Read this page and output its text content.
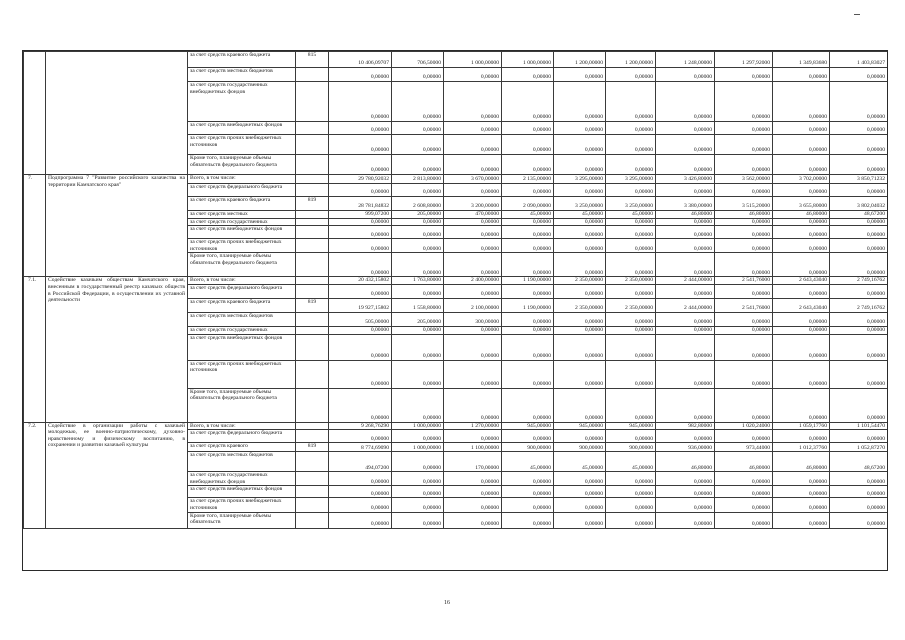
		за счет средств краевого бюджета	815	10 406,09707	706,50000	1 000,00000	1 000,00000	1 200,00000	1 200,00000	1 248,00000	1 297,92000	1 349,83680	1 403,83027
		за счет средств местных бюджетов		0,00000	0,00000	0,00000	0,00000	0,00000	0,00000	0,00000	0,00000	0,00000	0,00000
		за счет средств государственных внебюджетных фондов		0,00000	0,00000	0,00000	0,00000	0,00000	0,00000	0,00000	0,00000	0,00000	0,00000
		за счет средств внебюджетных фондов		0,00000	0,00000	0,00000	0,00000	0,00000	0,00000	0,00000	0,00000	0,00000	0,00000
		за счет средств прочих внебюджетных источников		0,00000	0,00000	0,00000	0,00000	0,00000	0,00000	0,00000	0,00000	0,00000	0,00000
		Кроме того, планируемые объемы обязательств федерального бюджета		0,00000	0,00000	0,00000	0,00000	0,00000	0,00000	0,00000	0,00000	0,00000	0,00000
7.	Подпрограмма 7 "Развитие российского казачества на территории Камчатского края"	Всего, в том числе:		29 780,92032	2 813,80000	3 670,00000	2 135,00000	3 295,00000	3 295,00000	3 426,80000	3 562,00000	3 702,00000	3 850,71232
		за счет средств федерального бюджета		0,00000	0,00000	0,00000	0,00000	0,00000	0,00000	0,00000	0,00000	0,00000	0,00000
		за счет средств краевого бюджета	819	28 781,84832	2 608,80000	3 200,00000	2 090,00000	3 250,00000	3 250,00000	3 380,00000	3 515,20000	3 655,80000	3 802,04032
		за счет средств местных		999,07200	205,00000	470,00000	45,00000	45,00000	45,00000	46,80000	46,80000	46,80000	48,67200
		за счет средств государственных		0,00000	0,00000	0,00000	0,00000	0,00000	0,00000	0,00000	0,00000	0,00000	0,00000
		за счет средств внебюджетных фондов		0,00000	0,00000	0,00000	0,00000	0,00000	0,00000	0,00000	0,00000	0,00000	0,00000
		за счет средств прочих внебюджетных источников		0,00000	0,00000	0,00000	0,00000	0,00000	0,00000	0,00000	0,00000	0,00000	0,00000
		Кроме того, планируемые объемы обязательств федерального бюджета		0,00000	0,00000	0,00000	0,00000	0,00000	0,00000	0,00000	0,00000	0,00000	0,00000
7.1.	Содействие казачьим обществам Камчатского края, внесенным в государственный реестр казачьих обществ в Российской Федерации, в осуществлении их уставной деятельности	Всего, в том числе:		20 432,15802	1 763,80000	2 400,00000	1 190,00000	2 350,00000	2 350,00000	2 444,00000	2 541,76000	2 643,43040	2 749,16762
		за счет средств федерального бюджета		0,00000	0,00000	0,00000	0,00000	0,00000	0,00000	0,00000	0,00000	0,00000	0,00000
		за счет средств краевого бюджета	819	19 927,15802	1 558,80000	2 100,00000	1 190,00000	2 350,00000	2 350,00000	2 444,00000	2 541,76000	2 643,43040	2 749,16762
		за счет средств местных бюджетов		505,00000	205,00000	300,00000	0,00000	0,00000	0,00000	0,00000	0,00000	0,00000	0,00000
		за счет средств государственных		0,00000	0,00000	0,00000	0,00000	0,00000	0,00000	0,00000	0,00000	0,00000	0,00000
		за счет средств внебюджетных фондов		0,00000	0,00000	0,00000	0,00000	0,00000	0,00000	0,00000	0,00000	0,00000	0,00000
		за счет средств прочих внебюджетных источников		0,00000	0,00000	0,00000	0,00000	0,00000	0,00000	0,00000	0,00000	0,00000	0,00000
		Кроме того, планируемые объемы обязательств федерального бюджета		0,00000	0,00000	0,00000	0,00000	0,00000	0,00000	0,00000	0,00000	0,00000	0,00000
7.2.	Содействие в организации работы с казачьей молодежью, ее военно-патриотическому, духовно-нравственному и физическому воспитанию, в сохранении и развитии казачьей культуры	Всего, в том числе:		9 268,76290	1 000,00000	1 270,00000	945,00000	945,00000	945,00000	982,80000	1 020,24000	1 059,17760	1 101,54470
		за счет средств федерального бюджета		0,00000	0,00000	0,00000	0,00000	0,00000	0,00000	0,00000	0,00000	0,00000	0,00000
		за счет средств краевого	819	8 774,69090	1 000,00000	1 100,00000	900,00000	900,00000	900,00000	936,00000	973,44000	1 012,37760	1 052,87270
		за счет средств местных бюджетов		494,07200	0,00000	170,00000	45,00000	45,00000	45,00000	46,80000	46,80000	46,80000	48,67200
		за счет средств государственных внебюджетных фондов		0,00000	0,00000	0,00000	0,00000	0,00000	0,00000	0,00000	0,00000	0,00000	0,00000
		за счет средств внебюджетных фондов		0,00000	0,00000	0,00000	0,00000	0,00000	0,00000	0,00000	0,00000	0,00000	0,00000
		за счет средств прочих внебюджетных источников		0,00000	0,00000	0,00000	0,00000	0,00000	0,00000	0,00000	0,00000	0,00000	0,00000
		Кроме того, планируемые объемы обязательств		0,00000	0,00000	0,00000	0,00000	0,00000	0,00000	0,00000	0,00000	0,00000	0,00000
16
